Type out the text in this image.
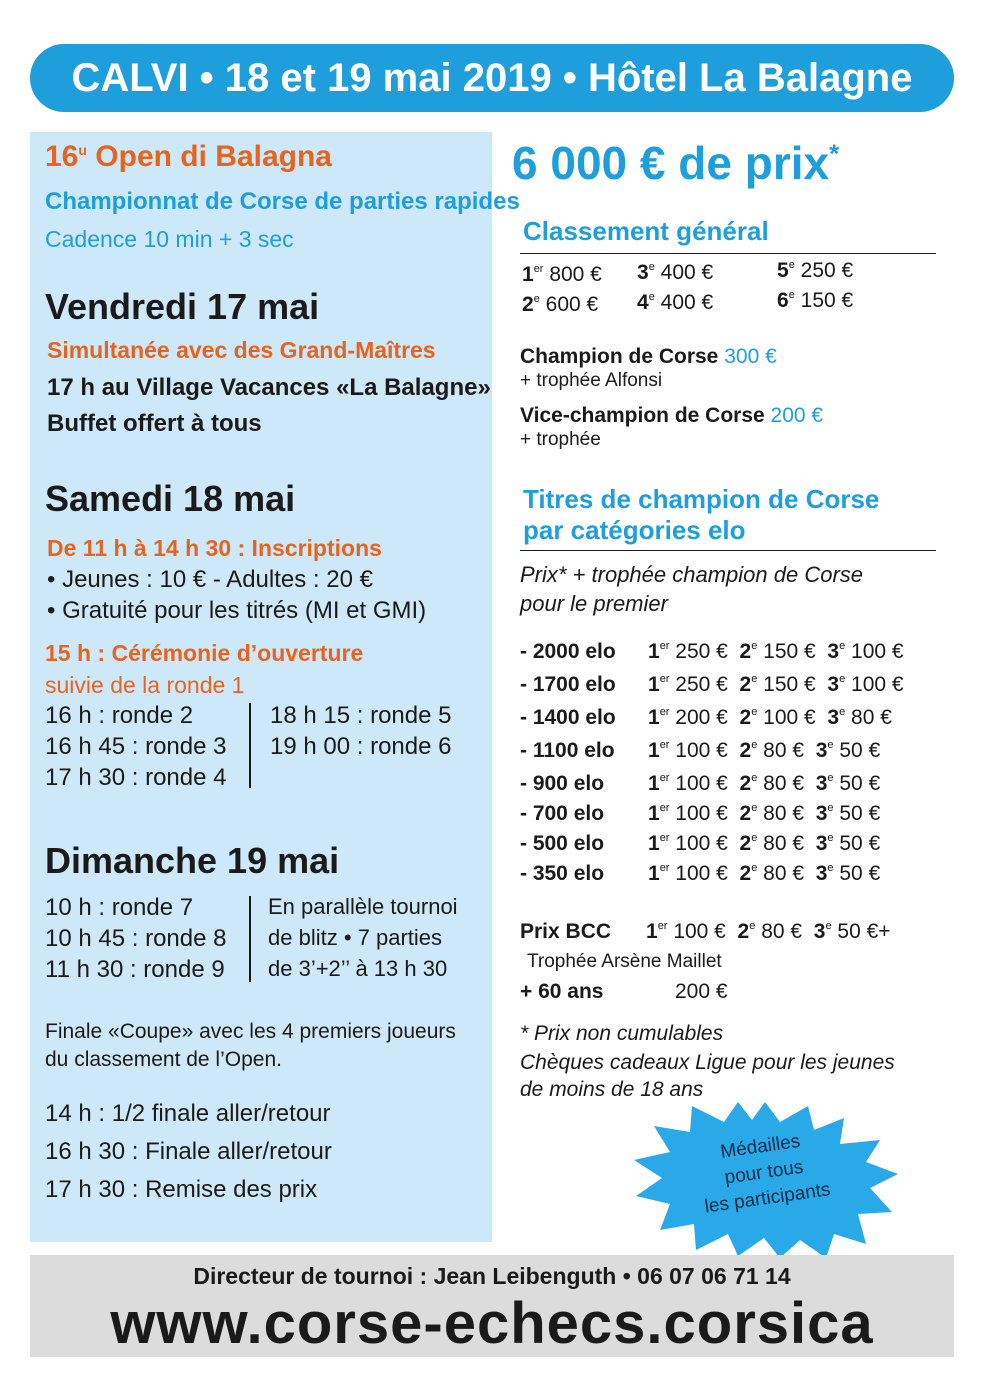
CALVI • 18 et 19 mai 2019 • Hôtel La Balagne
16$^u$ Open di Balagna
Championnat de Corse de parties rapides
Cadence 10 min + 3 sec
Vendredi 17 mai
Simultanée avec des Grand-Maîtres
17 h au Village Vacances «La Balagne»
Buffet offert à tous
Samedi 18 mai
De 11 h à 14 h 30 : Inscriptions
• Jeunes : 10 € - Adultes : 20 €
• Gratuité pour les titrés (MI et GMI)
15 h : Cérémonie d’ouverture
suivie de la ronde 1
16 h : ronde 2
16 h 45 : ronde 3
17 h 30 : ronde 4
18 h 15 : ronde 5
19 h 00 : ronde 6
Dimanche 19 mai
10 h : ronde 7
10 h 45 : ronde 8
11 h 30 : ronde 9
En parallèle tournoi
de blitz • 7 parties
de 3’+2’’ à 13 h 30
Finale «Coupe» avec les 4 premiers joueurs
du classement de l’Open.
14 h : 1/2 finale aller/retour
16 h 30 : Finale aller/retour
17 h 30 : Remise des prix
6 000 € de prix*
Classement général
1er 800 €
2e 600 €
3e 400 €
4e 400 €
5e 250 €
6e 150 €
Champion de Corse 300 €
+ trophée Alfonsi
Vice-champion de Corse 200 €
+ trophée
Titres de champion de Corse
par catégories elo
Prix* + trophée champion de Corse
pour le premier
- 2000 elo 1er 250 €  2e 150 €  3e 100 €
- 1700 elo 1er 250 €  2e 150 €  3e 100 €
- 1400 elo 1er 200 €  2e 100 €  3e 80 €
- 1100 elo 1er 100 €  2e 80 €  3e 50 €
- 900 elo 1er 100 €  2e 80 €  3e 50 €
- 700 elo 1er 100 €  2e 80 €  3e 50 €
- 500 elo 1er 100 €  2e 80 €  3e 50 €
- 350 elo 1er 100 €  2e 80 €  3e 50 €
Prix BCC 1er 100 € 2e 80 € 3e 50 €+
Trophée Arsène Maillet
+ 60 ans	200 €
* Prix non cumulables
Chèques cadeaux Ligue pour les jeunes
de moins de 18 ans
Médailles
pour tous
les participants
Directeur de tournoi : Jean Leibenguth • 06 07 06 71 14
www.corse-echecs.corsica
